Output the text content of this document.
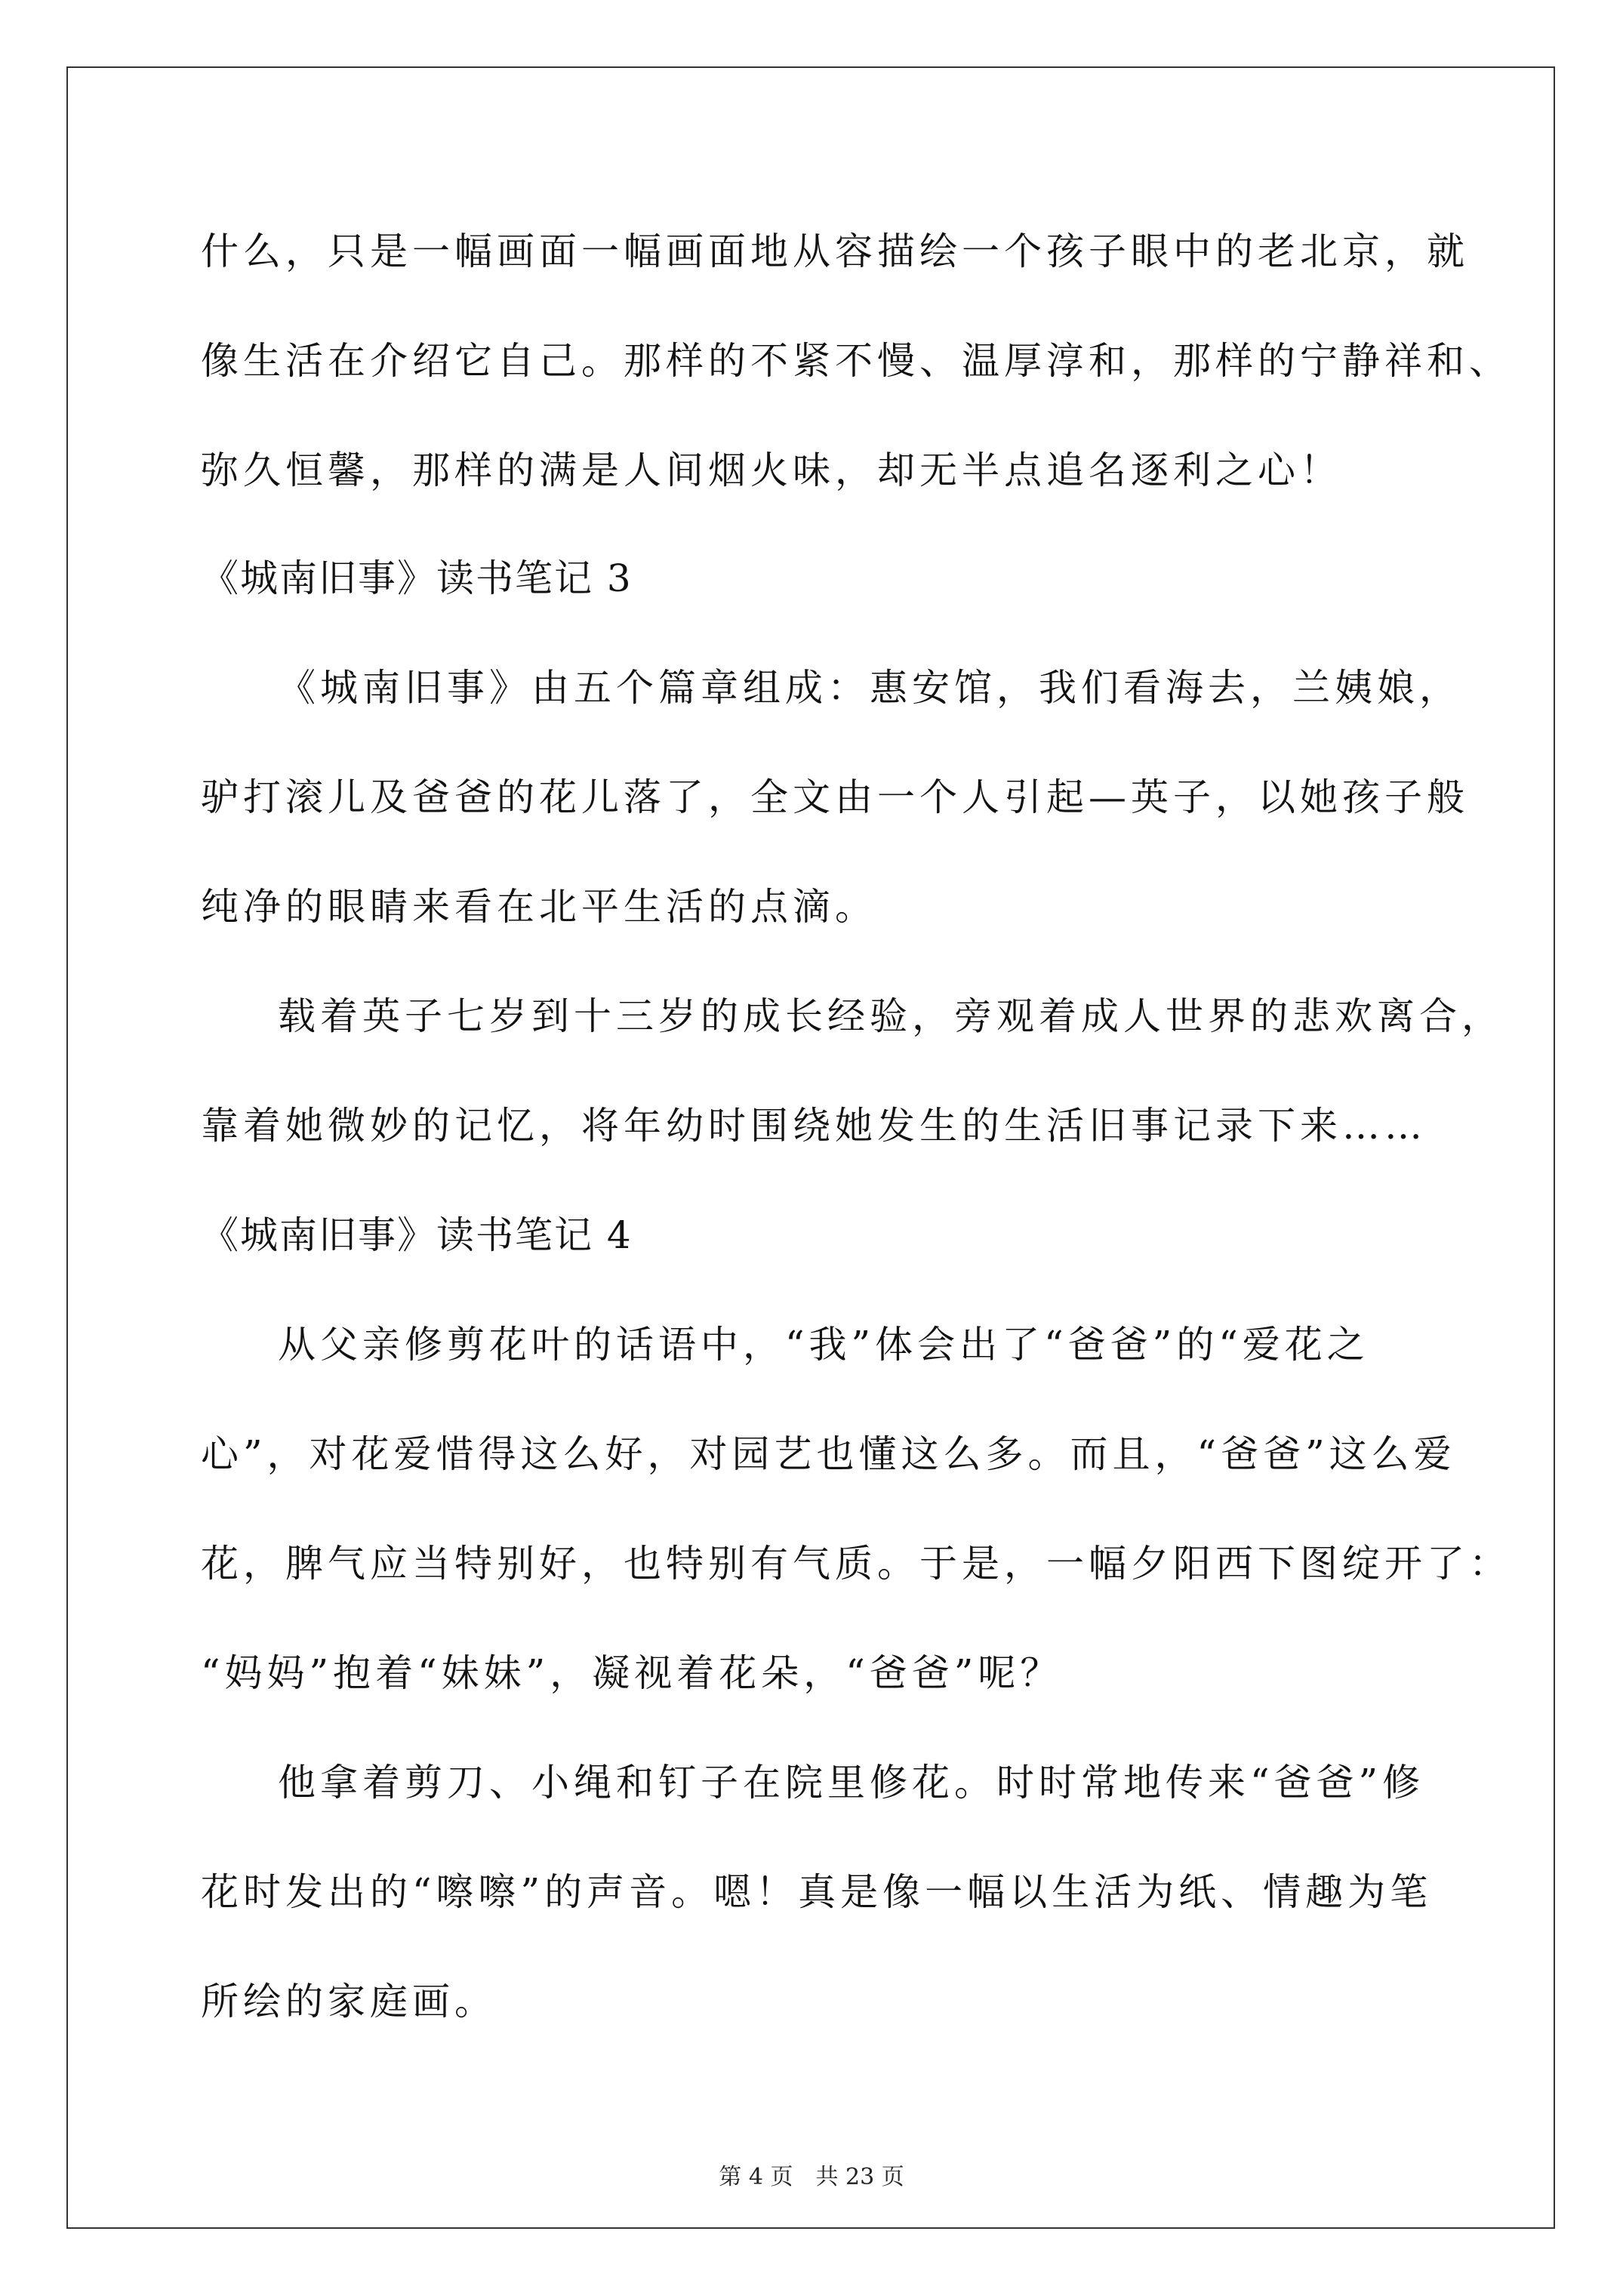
什么，只是一幅画面一幅画面地从容描绘一个孩子眼中的老北京，就
像生活在介绍它自己。那样的不紧不慢、温厚淳和，那样的宁静祥和、
弥久恒馨，那样的满是人间烟火味，却无半点追名逐利之心！
《城南旧事》读书笔记 3
《城南旧事》由五个篇章组成：惠安馆，我们看海去，兰姨娘，
驴打滚儿及爸爸的花儿落了，全文由一个人引起—英子，以她孩子般
纯净的眼睛来看在北平生活的点滴。
载着英子七岁到十三岁的成长经验，旁观着成人世界的悲欢离合，
靠着她微妙的记忆，将年幼时围绕她发生的生活旧事记录下来……
《城南旧事》读书笔记 4
从父亲修剪花叶的话语中，“我”体会出了“爸爸”的“爱花之
心”，对花爱惜得这么好，对园艺也懂这么多。而且，“爸爸”这么爱
花，脾气应当特别好，也特别有气质。于是，一幅夕阳西下图绽开了：
“妈妈”抱着“妹妹”，凝视着花朵，“爸爸”呢？
他拿着剪刀、小绳和钉子在院里修花。时时常地传来“爸爸”修
花时发出的“嚓嚓”的声音。嗯！真是像一幅以生活为纸、情趣为笔
所绘的家庭画。
第 4 页　共 23 页
